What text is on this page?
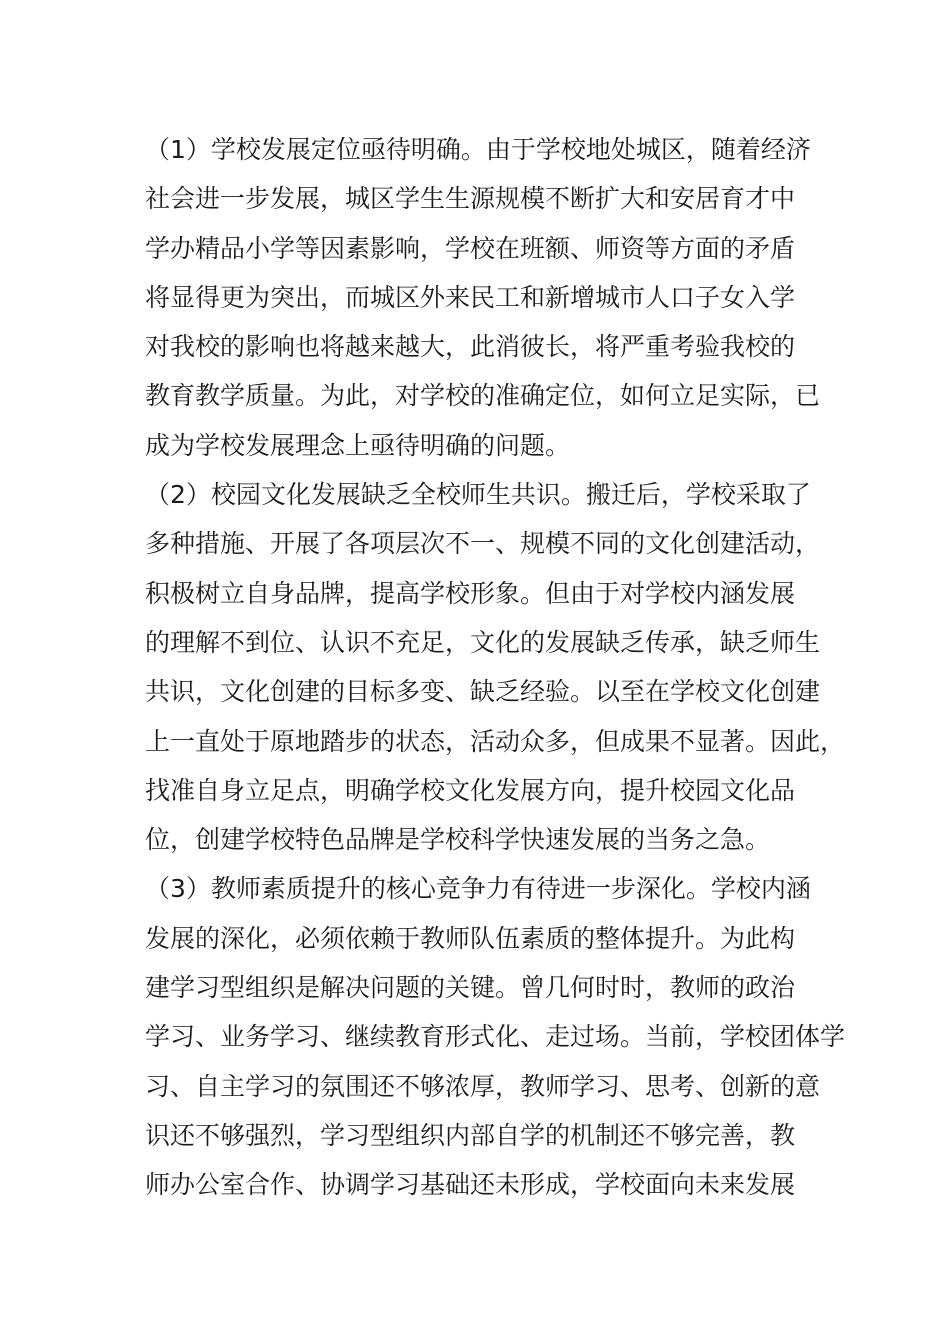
（1）学校发展定位亟待明确。由于学校地处城区，随着经济
社会进一步发展，城区学生生源规模不断扩大和安居育才中
学办精品小学等因素影响，学校在班额、师资等方面的矛盾
将显得更为突出，而城区外来民工和新增城市人口子女入学
对我校的影响也将越来越大，此消彼长，将严重考验我校的
教育教学质量。为此，对学校的准确定位，如何立足实际，已
成为学校发展理念上亟待明确的问题。
（2）校园文化发展缺乏全校师生共识。搬迁后，学校采取了
多种措施、开展了各项层次不一、规模不同的文化创建活动，
积极树立自身品牌，提高学校形象。但由于对学校内涵发展
的理解不到位、认识不充足，文化的发展缺乏传承，缺乏师生
共识，文化创建的目标多变、缺乏经验。以至在学校文化创建
上一直处于原地踏步的状态，活动众多，但成果不显著。因此，
找准自身立足点，明确学校文化发展方向，提升校园文化品
位，创建学校特色品牌是学校科学快速发展的当务之急。
（3）教师素质提升的核心竞争力有待进一步深化。学校内涵
发展的深化，必须依赖于教师队伍素质的整体提升。为此构
建学习型组织是解决问题的关键。曾几何时时，教师的政治
学习、业务学习、继续教育形式化、走过场。当前，学校团体学
习、自主学习的氛围还不够浓厚，教师学习、思考、创新的意
识还不够强烈，学习型组织内部自学的机制还不够完善，教
师办公室合作、协调学习基础还未形成，学校面向未来发展
